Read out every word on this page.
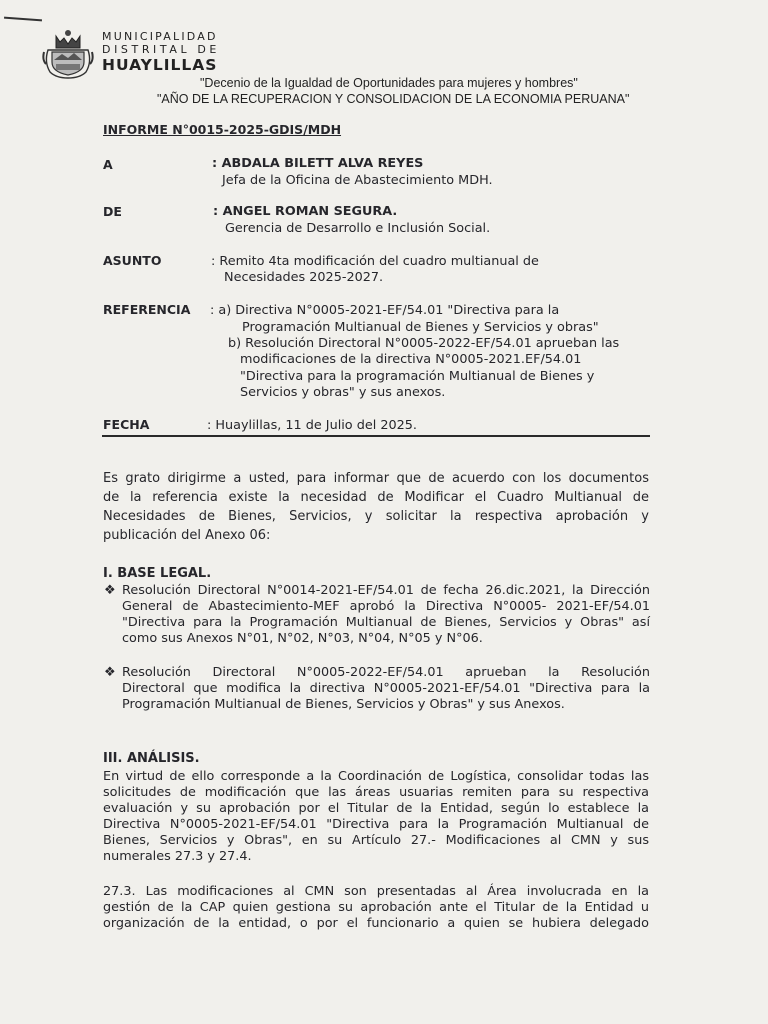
MUNICIPALIDAD
DISTRITAL DE
HUAYLILLAS
"Decenio de la Igualdad de Oportunidades para mujeres y hombres"
"AÑO DE LA RECUPERACION Y CONSOLIDACION DE LA ECONOMIA PERUANA"
INFORME N°0015-2025-GDIS/MDH
A	: ABDALA BILETT ALVA REYES
Jefa de la Oficina de Abastecimiento MDH.
DE	: ANGEL ROMAN SEGURA.
Gerencia de Desarrollo e Inclusión Social.
ASUNTO	: Remito 4ta modificación del cuadro multianual de
Necesidades 2025-2027.
REFERENCIA : a) Directiva N°0005-2021-EF/54.01 "Directiva para la
Programación Multianual de Bienes y Servicios y obras"
b) Resolución Directoral N°0005-2022-EF/54.01 aprueban las
modificaciones de la directiva N°0005-2021.EF/54.01
"Directiva para la programación Multianual de Bienes y
Servicios y obras" y sus anexos.
FECHA	: Huaylillas, 11 de Julio del 2025.
Es grato dirigirme a usted, para informar que de acuerdo con los documentos
de la referencia existe la necesidad de Modificar el Cuadro Multianual de
Necesidades de Bienes, Servicios, y solicitar la respectiva aprobación y
publicación del Anexo 06:
I. BASE LEGAL.
❖ Resolución Directoral N°0014-2021-EF/54.01 de fecha 26.dic.2021, la Dirección
General de Abastecimiento-MEF aprobó la Directiva N°0005- 2021-EF/54.01
"Directiva para la Programación Multianual de Bienes, Servicios y Obras" así
como sus Anexos N°01, N°02, N°03, N°04, N°05 y N°06.
❖ Resolución Directoral N°0005-2022-EF/54.01 aprueban la Resolución
Directoral que modifica la directiva N°0005-2021-EF/54.01 "Directiva para la
Programación Multianual de Bienes, Servicios y Obras" y sus Anexos.
III. ANÁLISIS.
En virtud de ello corresponde a la Coordinación de Logística, consolidar todas las
solicitudes de modificación que las áreas usuarias remiten para su respectiva
evaluación y su aprobación por el Titular de la Entidad, según lo establece la
Directiva N°0005-2021-EF/54.01 "Directiva para la Programación Multianual de
Bienes, Servicios y Obras", en su Artículo 27.- Modificaciones al CMN y sus
numerales 27.3 y 27.4.
27.3. Las modificaciones al CMN son presentadas al Área involucrada en la
gestión de la CAP quien gestiona su aprobación ante el Titular de la Entidad u
organización de la entidad, o por el funcionario a quien se hubiera delegado
